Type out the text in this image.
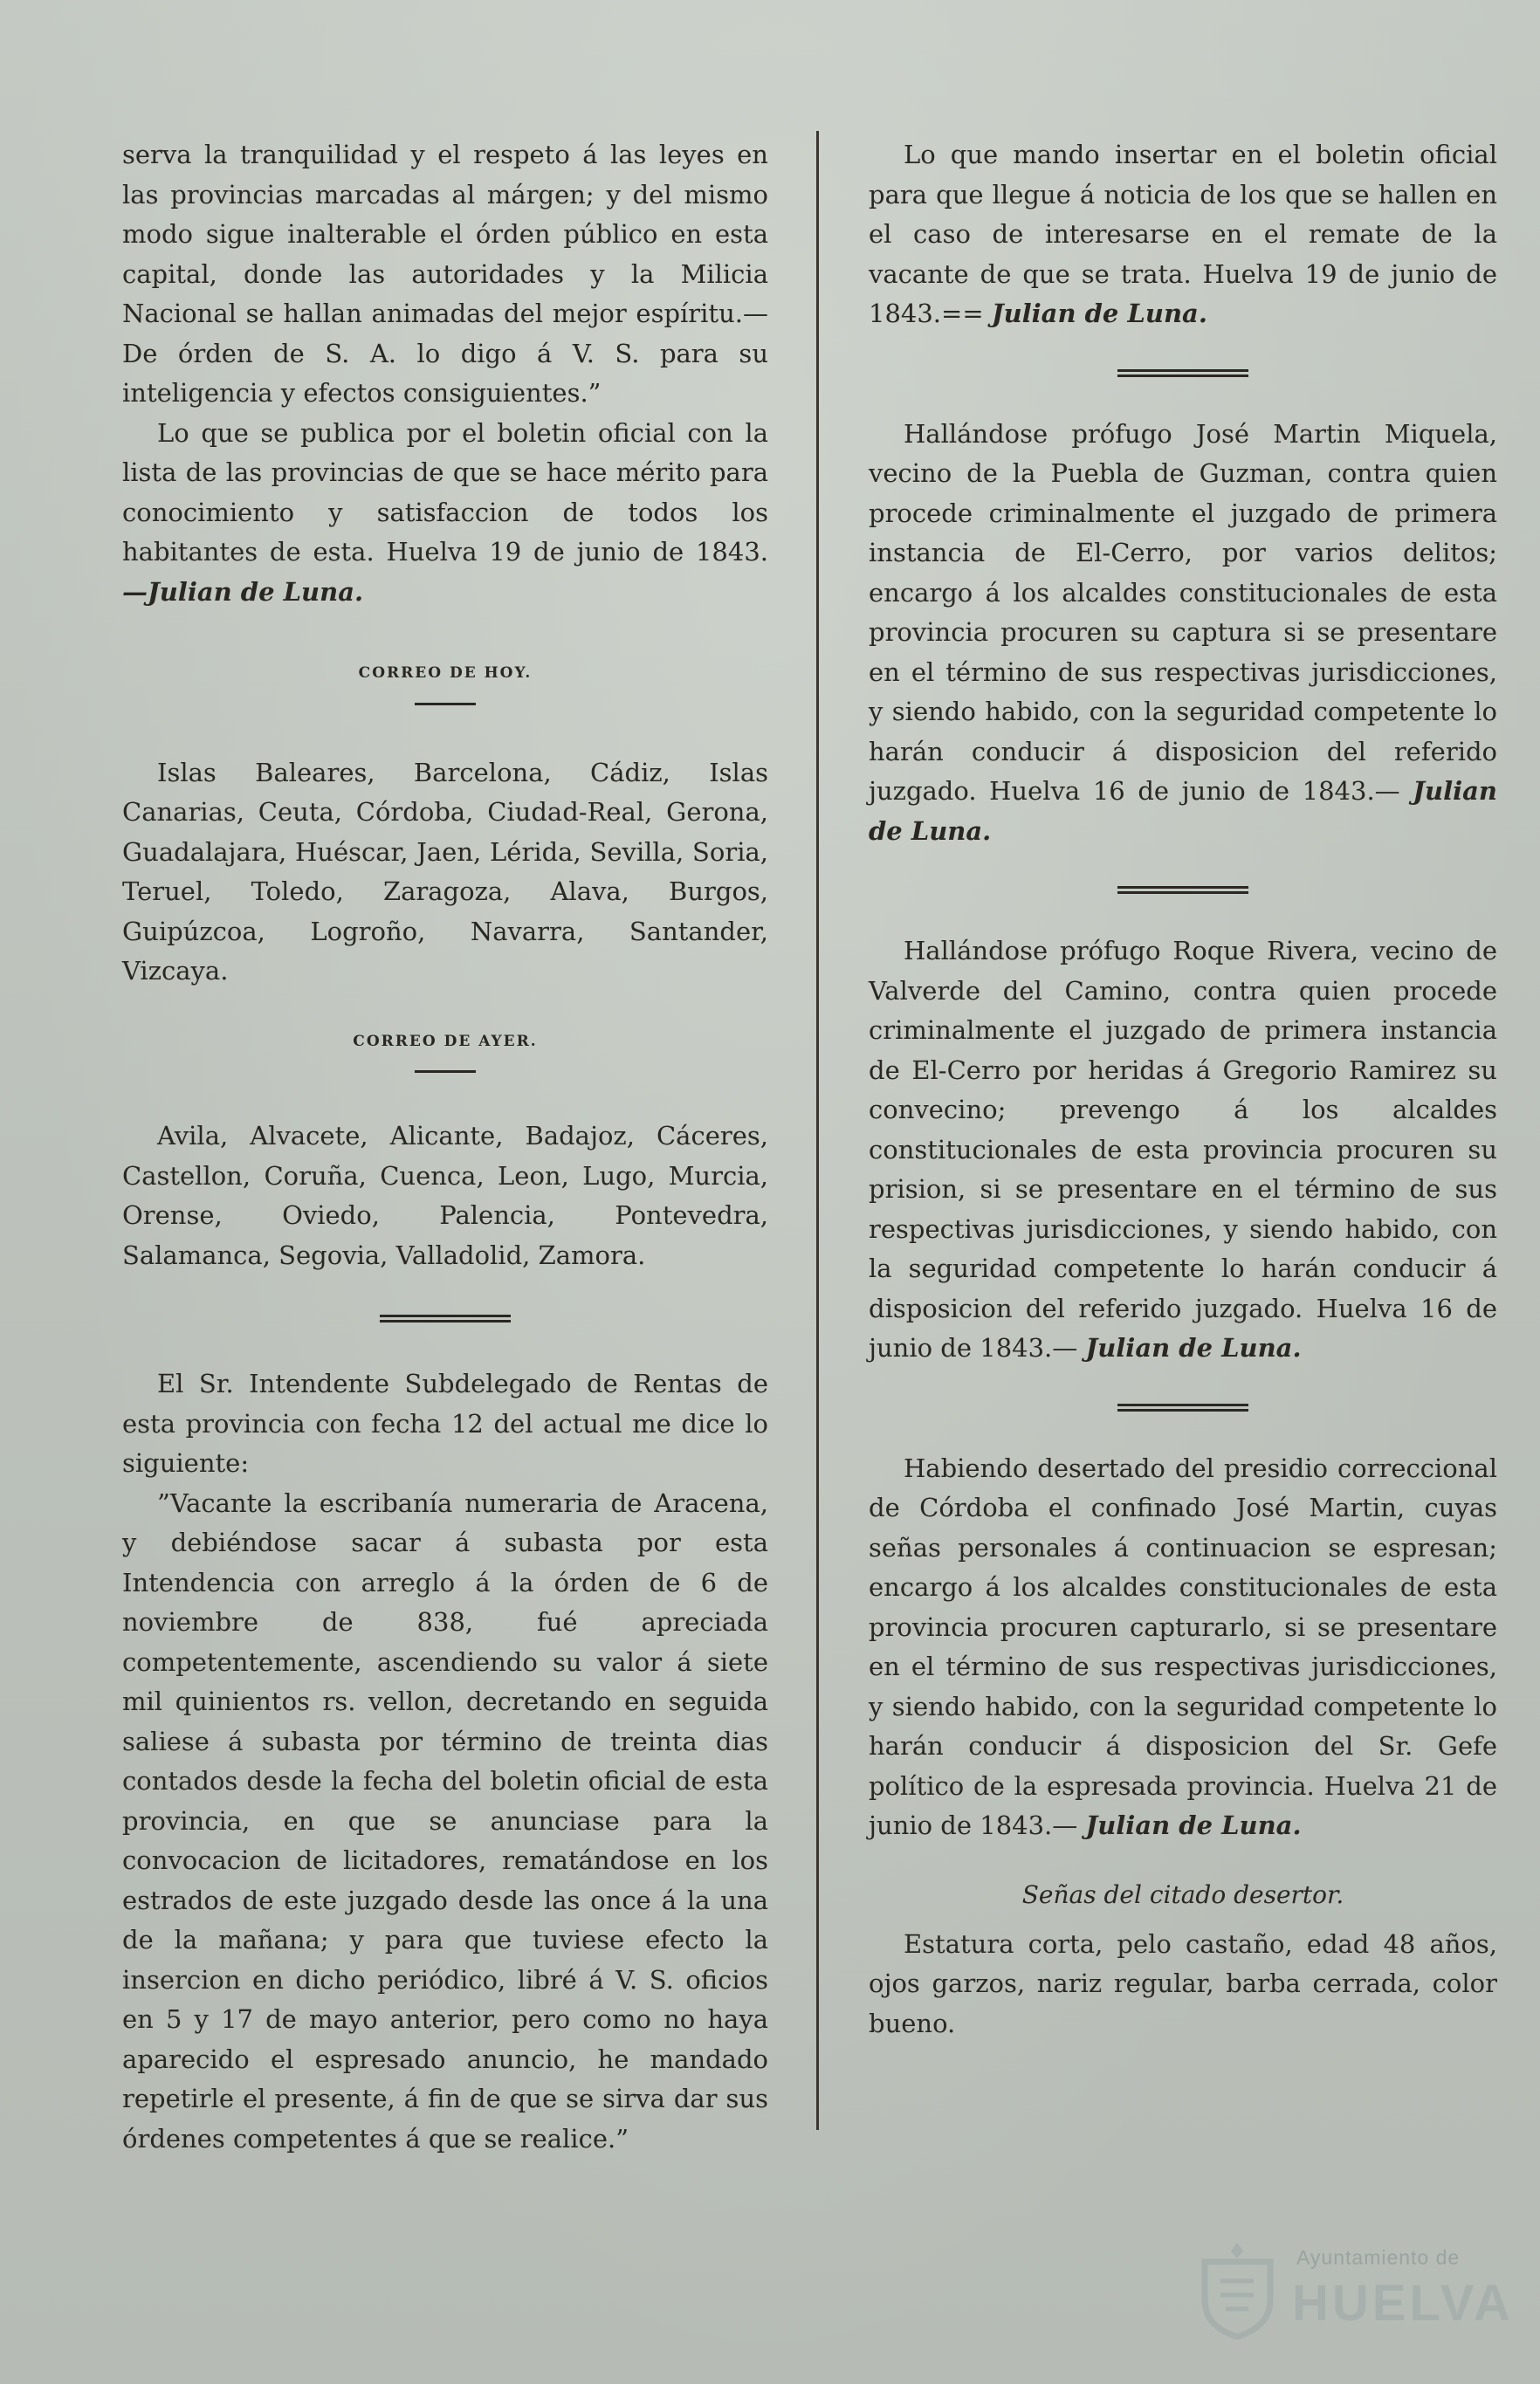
serva la tranquilidad y el respeto á las leyes en las provincias marcadas al márgen; y del mismo modo sigue inalterable el órden público en esta capital, donde las autoridades y la Milicia Nacional se hallan animadas del mejor espíritu.—De órden de S. A. lo digo á V. S. para su inteligencia y efectos consiguientes.”

Lo que se publica por el boletin oficial con la lista de las provincias de que se hace mérito para conocimiento y satisfaccion de todos los habitantes de esta. Huelva 19 de junio de 1843. —Julian de Luna.

CORREO DE HOY.

Islas Baleares, Barcelona, Cádiz, Islas Canarias, Ceuta, Córdoba, Ciudad-Real, Gerona, Guadalajara, Huéscar, Jaen, Lérida, Sevilla, Soria, Teruel, Toledo, Zaragoza, Alava, Burgos, Guipúzcoa, Logroño, Navarra, Santander, Vizcaya.

CORREO DE AYER.

Avila, Alvacete, Alicante, Badajoz, Cáceres, Castellon, Coruña, Cuenca, Leon, Lugo, Murcia, Orense, Oviedo, Palencia, Pontevedra, Salamanca, Segovia, Valladolid, Zamora.

El Sr. Intendente Subdelegado de Rentas de esta provincia con fecha 12 del actual me dice lo siguiente:

”Vacante la escribanía numeraria de Aracena, y debiéndose sacar á subasta por esta Intendencia con arreglo á la órden de 6 de noviembre de 838, fué apreciada competentemente, ascendiendo su valor á siete mil quinientos rs. vellon, decretando en seguida saliese á subasta por término de treinta dias contados desde la fecha del boletin oficial de esta provincia, en que se anunciase para la convocacion de licitadores, rematándose en los estrados de este juzgado desde las once á la una de la mañana; y para que tuviese efecto la insercion en dicho periódico, libré á V. S. oficios en 5 y 17 de mayo anterior, pero como no haya aparecido el espresado anuncio, he mandado repetirle el presente, á fin de que se sirva dar sus órdenes competentes á que se realice.”

Lo que mando insertar en el boletin oficial para que llegue á noticia de los que se hallen en el caso de interesarse en el remate de la vacante de que se trata. Huelva 19 de junio de 1843.== Julian de Luna.

Hallándose prófugo José Martin Miquela, vecino de la Puebla de Guzman, contra quien procede criminalmente el juzgado de primera instancia de El-Cerro, por varios delitos; encargo á los alcaldes constitucionales de esta provincia procuren su captura si se presentare en el término de sus respectivas jurisdicciones, y siendo habido, con la seguridad competente lo harán conducir á disposicion del referido juzgado. Huelva 16 de junio de 1843.— Julian de Luna.

Hallándose prófugo Roque Rivera, vecino de Valverde del Camino, contra quien procede criminalmente el juzgado de primera instancia de El-Cerro por heridas á Gregorio Ramirez su convecino; prevengo á los alcaldes constitucionales de esta provincia procuren su prision, si se presentare en el término de sus respectivas jurisdicciones, y siendo habido, con la seguridad competente lo harán conducir á disposicion del referido juzgado. Huelva 16 de junio de 1843.— Julian de Luna.

Habiendo desertado del presidio correccional de Córdoba el confinado José Martin, cuyas señas personales á continuacion se espresan; encargo á los alcaldes constitucionales de esta provincia procuren capturarlo, si se presentare en el término de sus respectivas jurisdicciones, y siendo habido, con la seguridad competente lo harán conducir á disposicion del Sr. Gefe político de la espresada provincia. Huelva 21 de junio de 1843.— Julian de Luna.

Señas del citado desertor.

Estatura corta, pelo castaño, edad 48 años, ojos garzos, nariz regular, barba cerrada, color bueno.

Ayuntamiento de
HUELVA
